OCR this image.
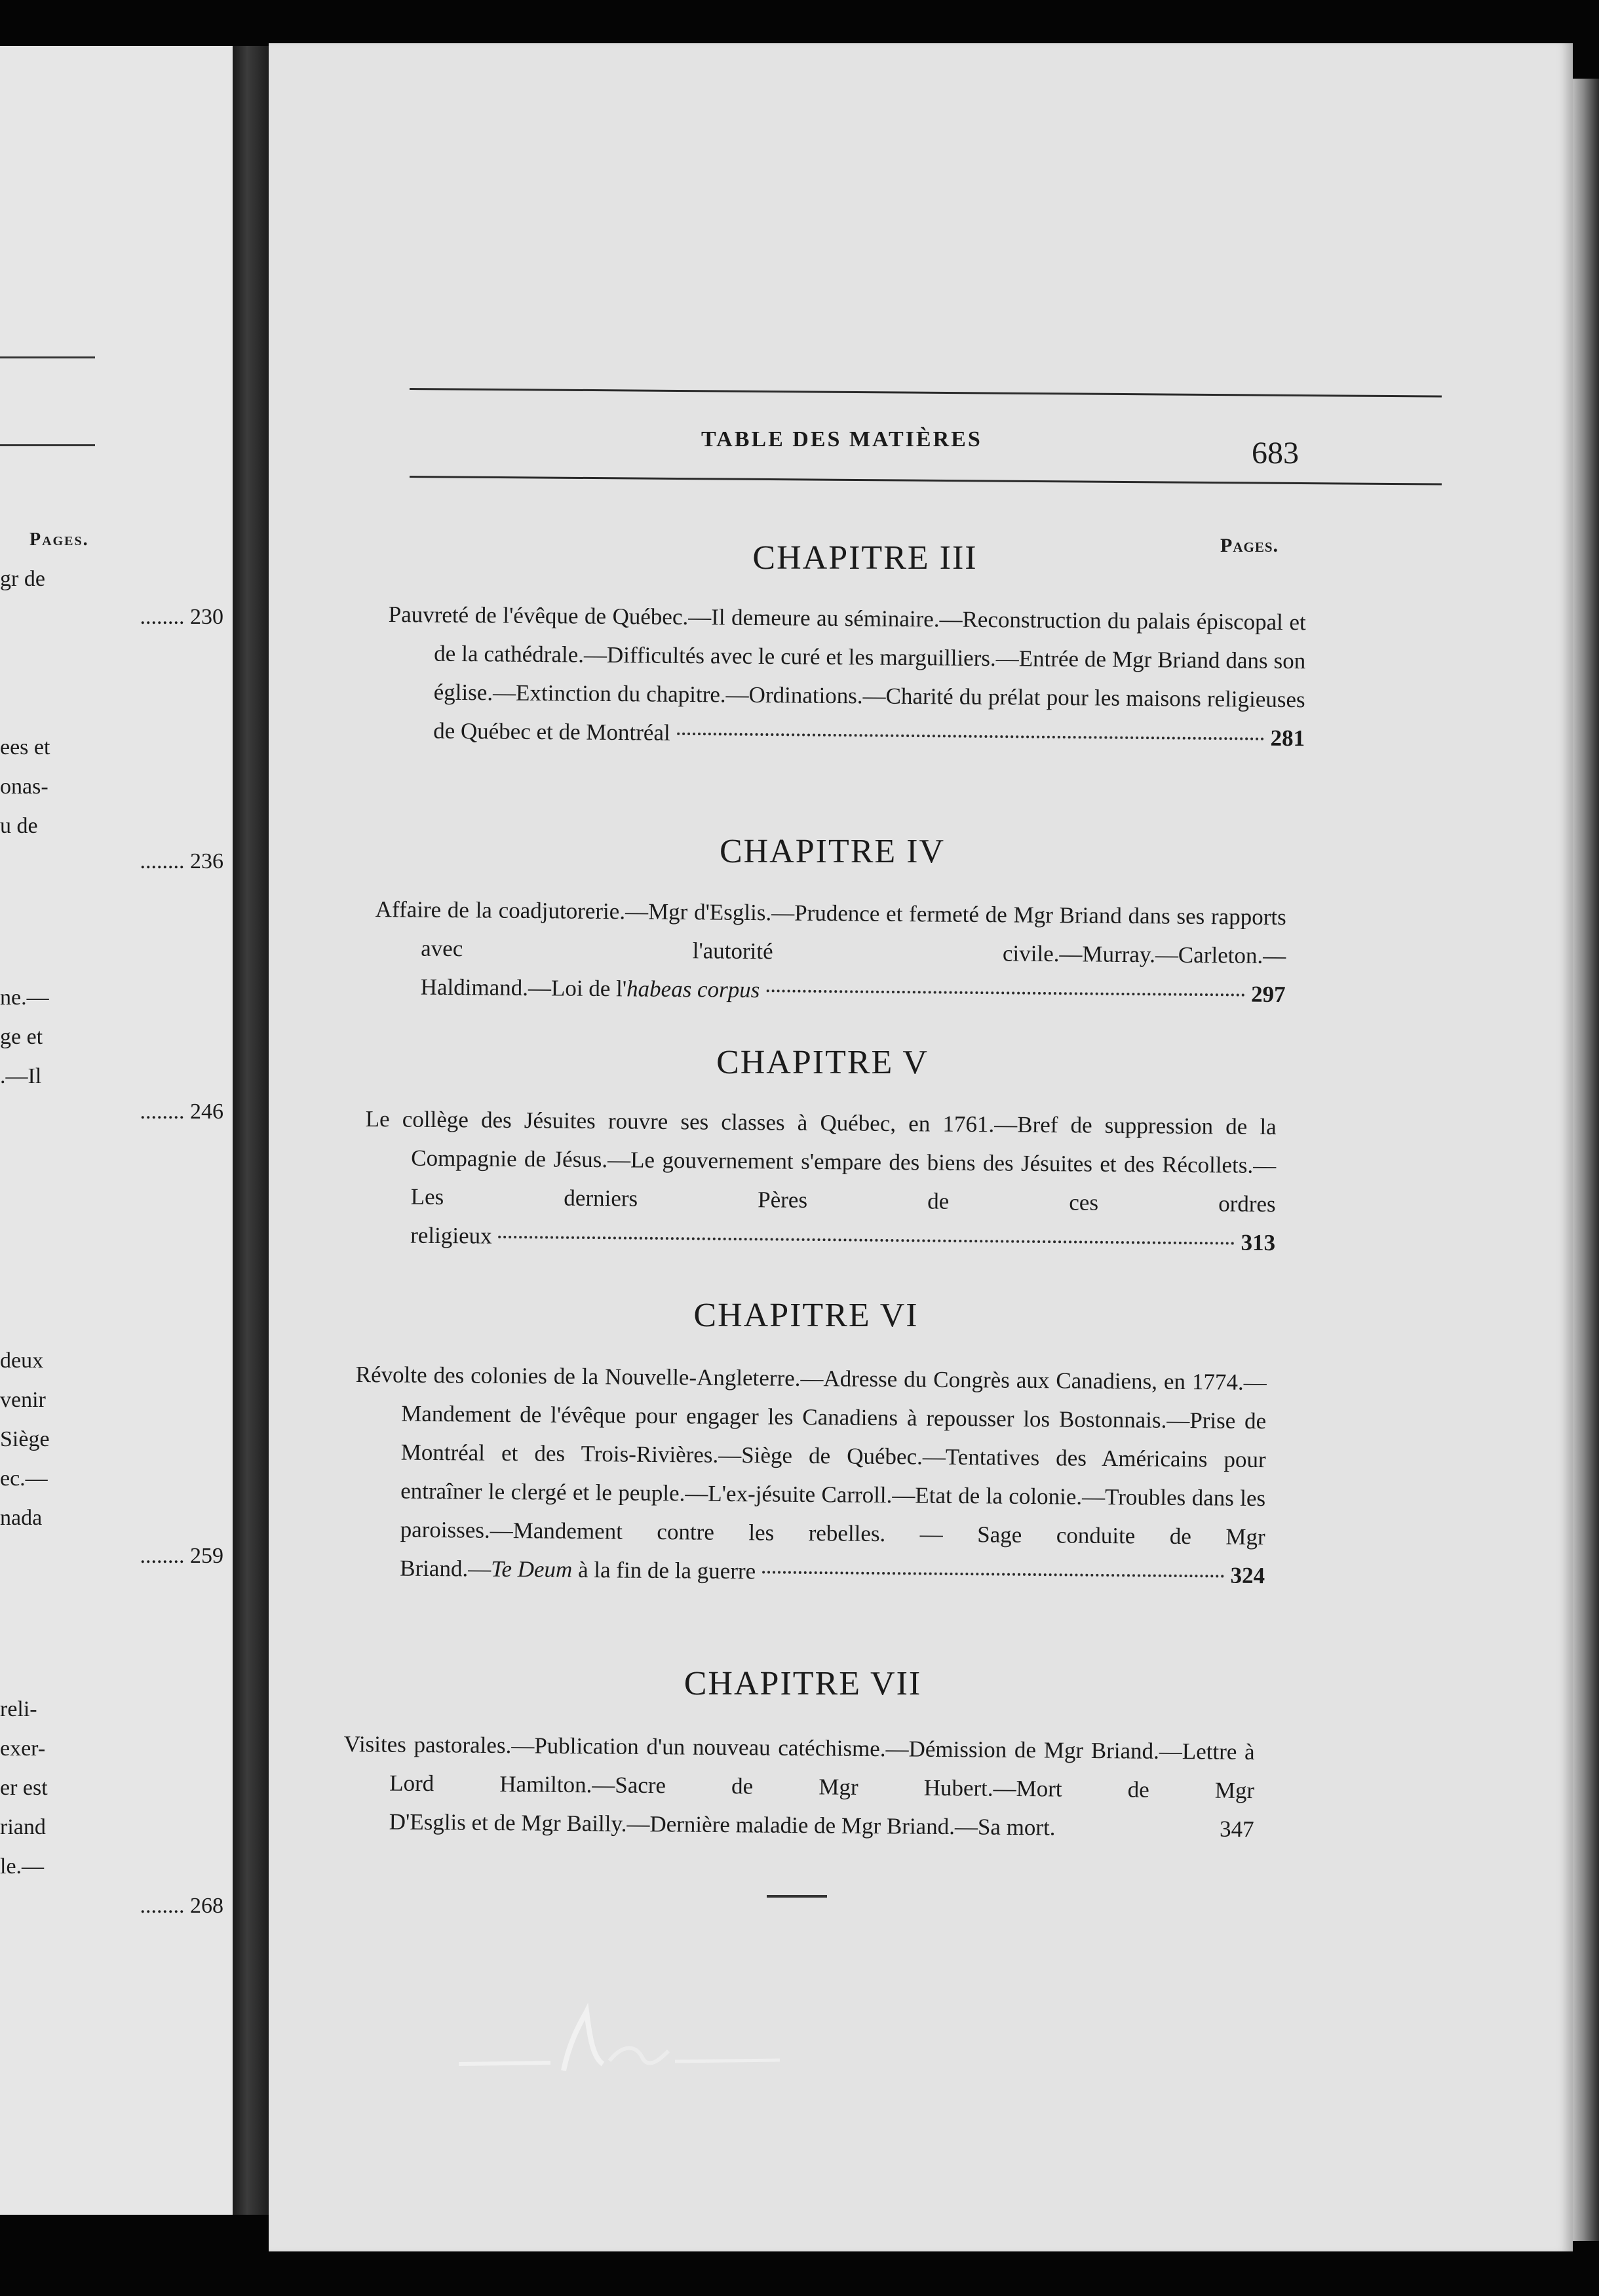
Pages.
gr de
........ 230
ees et
onas-
u de
........ 236
ne.—
ge et
.—Il
........ 246
deux
venir
Siège
ec.—
nada
........ 259
reli-
exer-
er est
riand
le.—
........ 268
TABLE DES MATIÈRES	683
Pages.
CHAPITRE III
Pauvreté de l'évêque de Québec.—Il demeure au séminaire.—Reconstruction du palais épiscopal et de la cathédrale.—Difficultés avec le curé et les marguilliers.—Entrée de Mgr Briand dans son église.—Extinction du chapitre.—Ordinations.—Charité du prélat pour les maisons religieuses
de Québec et de Montréal	281
CHAPITRE IV
Affaire de la coadjutorerie.—Mgr d'Esglis.—Prudence et fermeté de Mgr Briand dans ses rapports avec l'autorité civile.—Murray.—Carleton.—
Haldimand.—Loi de l'habeas corpus	297
CHAPITRE V
Le collège des Jésuites rouvre ses classes à Québec, en 1761.—Bref de suppression de la Compagnie de Jésus.—Le gouvernement s'empare des biens des Jésuites et des Récollets.—Les derniers Pères de ces ordres
religieux	313
CHAPITRE VI
Révolte des colonies de la Nouvelle-Angleterre.—Adresse du Congrès aux Canadiens, en 1774.—Mandement de l'évêque pour engager les Canadiens à repousser los Bostonnais.—Prise de Montréal et des Trois-Rivières.—Siège de Québec.—Tentatives des Américains pour entraîner le clergé et le peuple.—L'ex-jésuite Carroll.—Etat de la colonie.—Troubles dans les paroisses.—Mandement contre les rebelles. — Sage conduite de Mgr
Briand.—Te Deum à la fin de la guerre	324
CHAPITRE VII
Visites pastorales.—Publication d'un nouveau catéchisme.—Démission de Mgr Briand.—Lettre à Lord Hamilton.—Sacre de Mgr Hubert.—Mort de Mgr
D'Esglis et de Mgr Bailly.—Dernière maladie de Mgr Briand.—Sa mort.	347
